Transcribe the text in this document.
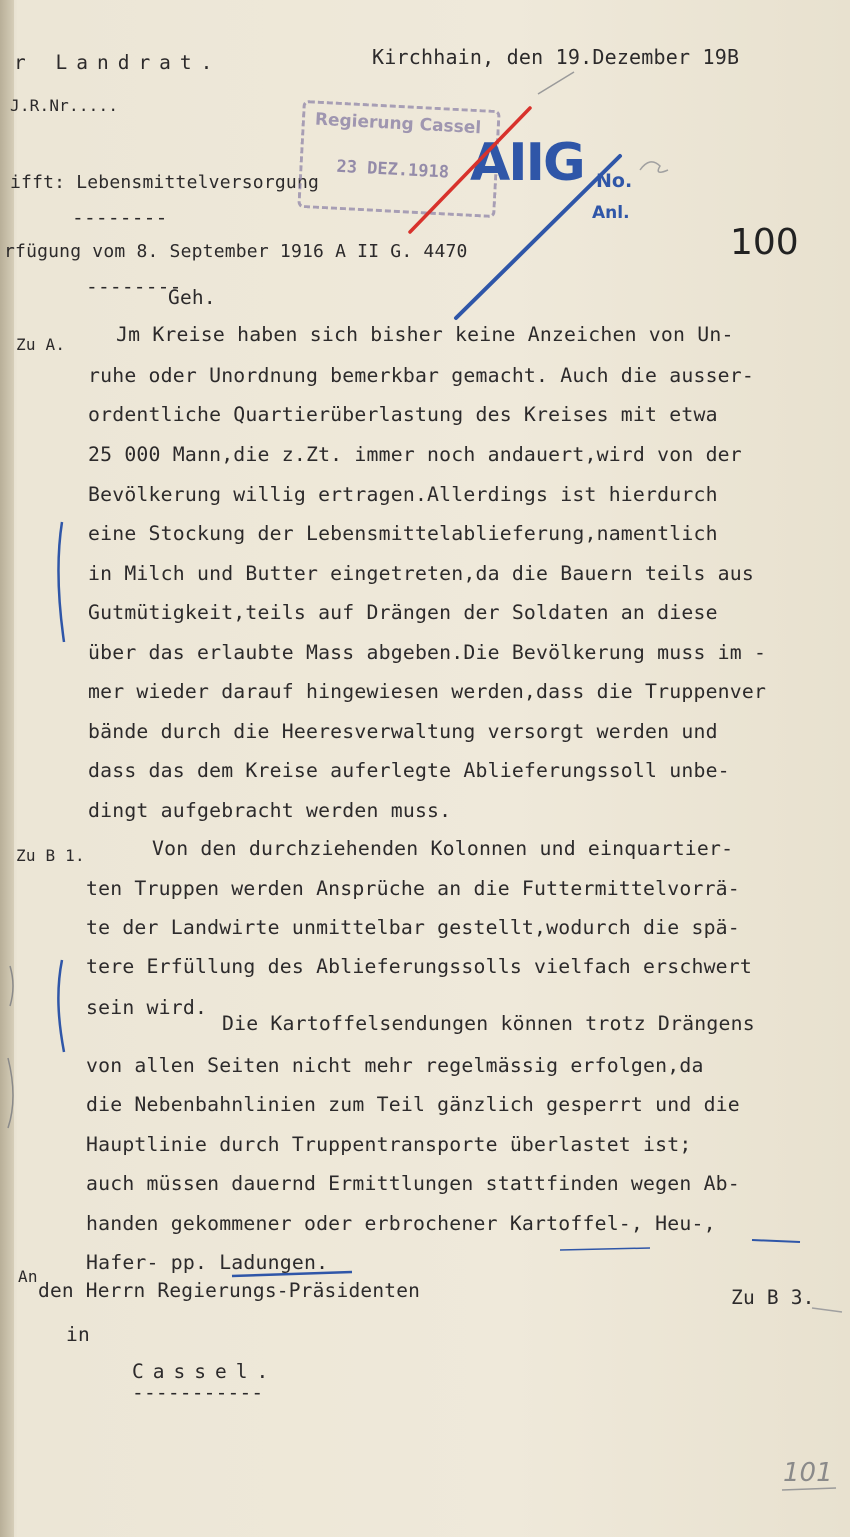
r Landrat.	Kirchhain, den 19.Dezember 19B
J.R.Nr.....
ifft: Lebensmittelversorgung
--------
rfügung vom 8. September 1916 A II G. 4470
--------
Geh.
Regierung Cassel
23 DEZ.1918 AIIG No.
Anl.
100
Zu A.	Jm Kreise haben sich bisher keine Anzeichen von Un-
ruhe oder Unordnung bemerkbar gemacht. Auch die ausser-
ordentliche Quartierüberlastung des Kreises mit etwa
25 000 Mann,die z.Zt. immer noch andauert,wird von der
Bevölkerung willig ertragen.Allerdings ist hierdurch
eine Stockung der Lebensmittelablieferung,namentlich
in Milch und Butter eingetreten,da die Bauern teils aus
Gutmütigkeit,teils auf Drängen der Soldaten an diese
über das erlaubte Mass abgeben.Die Bevölkerung muss im -
mer wieder darauf hingewiesen werden,dass die Truppenver
bände durch die Heeresverwaltung versorgt werden und
dass das dem Kreise auferlegte Ablieferungssoll unbe-
dingt aufgebracht werden muss.
Zu B 1.	Von den durchziehenden Kolonnen und einquartier-
ten Truppen werden Ansprüche an die Futtermittelvorrä-
te der Landwirte unmittelbar gestellt,wodurch die spä-
tere Erfüllung des Ablieferungssolls vielfach erschwert
sein wird.
Die Kartoffelsendungen können trotz Drängens
von allen Seiten nicht mehr regelmässig erfolgen,da
die Nebenbahnlinien zum Teil gänzlich gesperrt und die
Hauptlinie durch Truppentransporte überlastet ist;
auch müssen dauernd Ermittlungen stattfinden wegen Ab-
handen gekommener oder erbrochener Kartoffel-, Heu-,
Hafer- pp. Ladungen.
An
den Herrn Regierungs-Präsidenten	Zu B 3.
in
Cassel.
-----------
101
